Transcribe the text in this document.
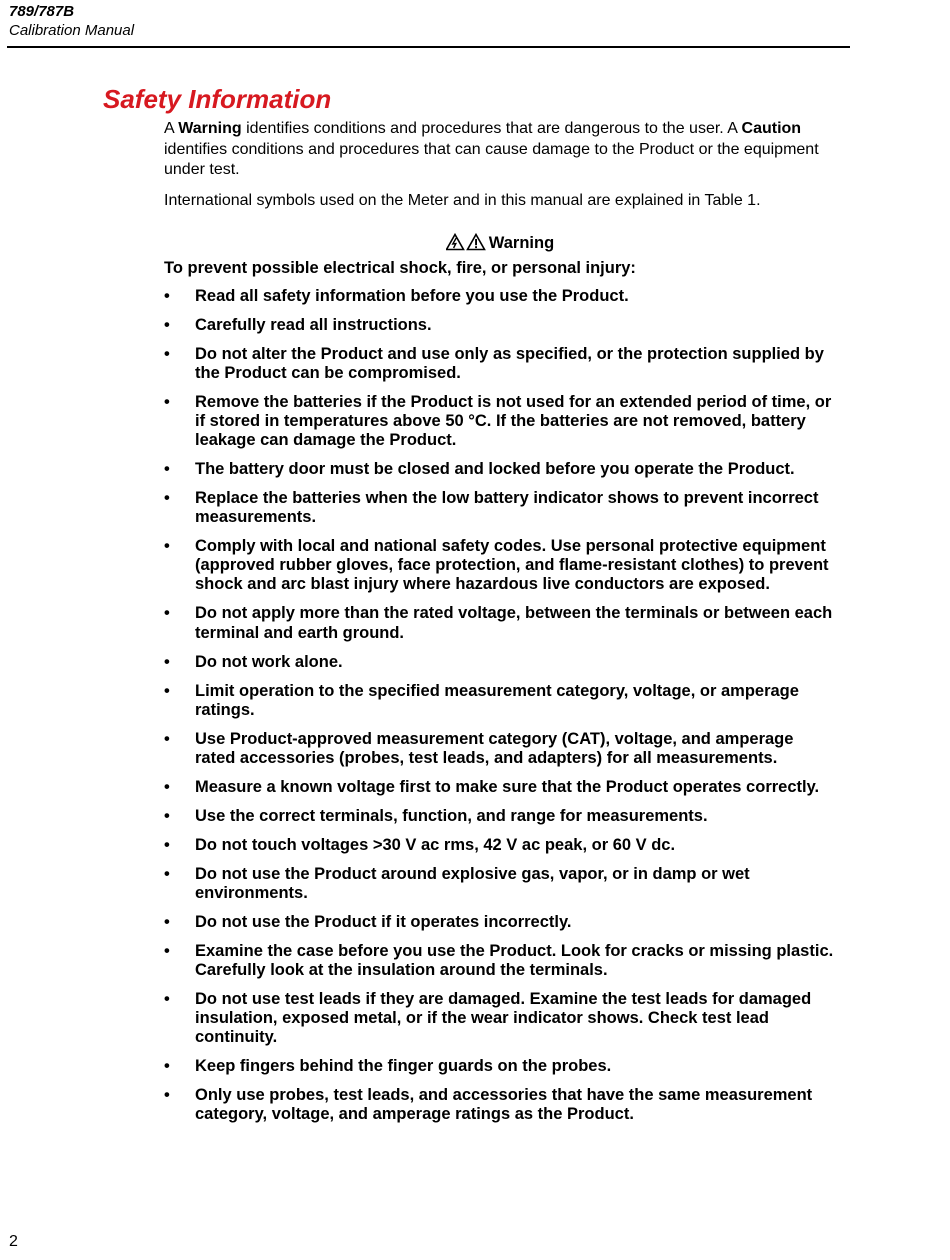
789/787B
Calibration Manual
Safety Information

A Warning identifies conditions and procedures that are dangerous to the user. A Caution identifies conditions and procedures that can cause damage to the Product or the equipment under test.

International symbols used on the Meter and in this manual are explained in Table 1.

Warning
To prevent possible electrical shock, fire, or personal injury:
• Read all safety information before you use the Product.
• Carefully read all instructions.
• Do not alter the Product and use only as specified, or the protection supplied by the Product can be compromised.
• Remove the batteries if the Product is not used for an extended period of time, or if stored in temperatures above 50 °C. If the batteries are not removed, battery leakage can damage the Product.
• The battery door must be closed and locked before you operate the Product.
• Replace the batteries when the low battery indicator shows to prevent incorrect measurements.
• Comply with local and national safety codes. Use personal protective equipment (approved rubber gloves, face protection, and flame-resistant clothes) to prevent shock and arc blast injury where hazardous live conductors are exposed.
• Do not apply more than the rated voltage, between the terminals or between each terminal and earth ground.
• Do not work alone.
• Limit operation to the specified measurement category, voltage, or amperage ratings.
• Use Product-approved measurement category (CAT), voltage, and amperage rated accessories (probes, test leads, and adapters) for all measurements.
• Measure a known voltage first to make sure that the Product operates correctly.
• Use the correct terminals, function, and range for measurements.
• Do not touch voltages >30 V ac rms, 42 V ac peak, or 60 V dc.
• Do not use the Product around explosive gas, vapor, or in damp or wet environments.
• Do not use the Product if it operates incorrectly.
• Examine the case before you use the Product. Look for cracks or missing plastic. Carefully look at the insulation around the terminals.
• Do not use test leads if they are damaged. Examine the test leads for damaged insulation, exposed metal, or if the wear indicator shows. Check test lead continuity.
• Keep fingers behind the finger guards on the probes.
• Only use probes, test leads, and accessories that have the same measurement category, voltage, and amperage ratings as the Product.
2
